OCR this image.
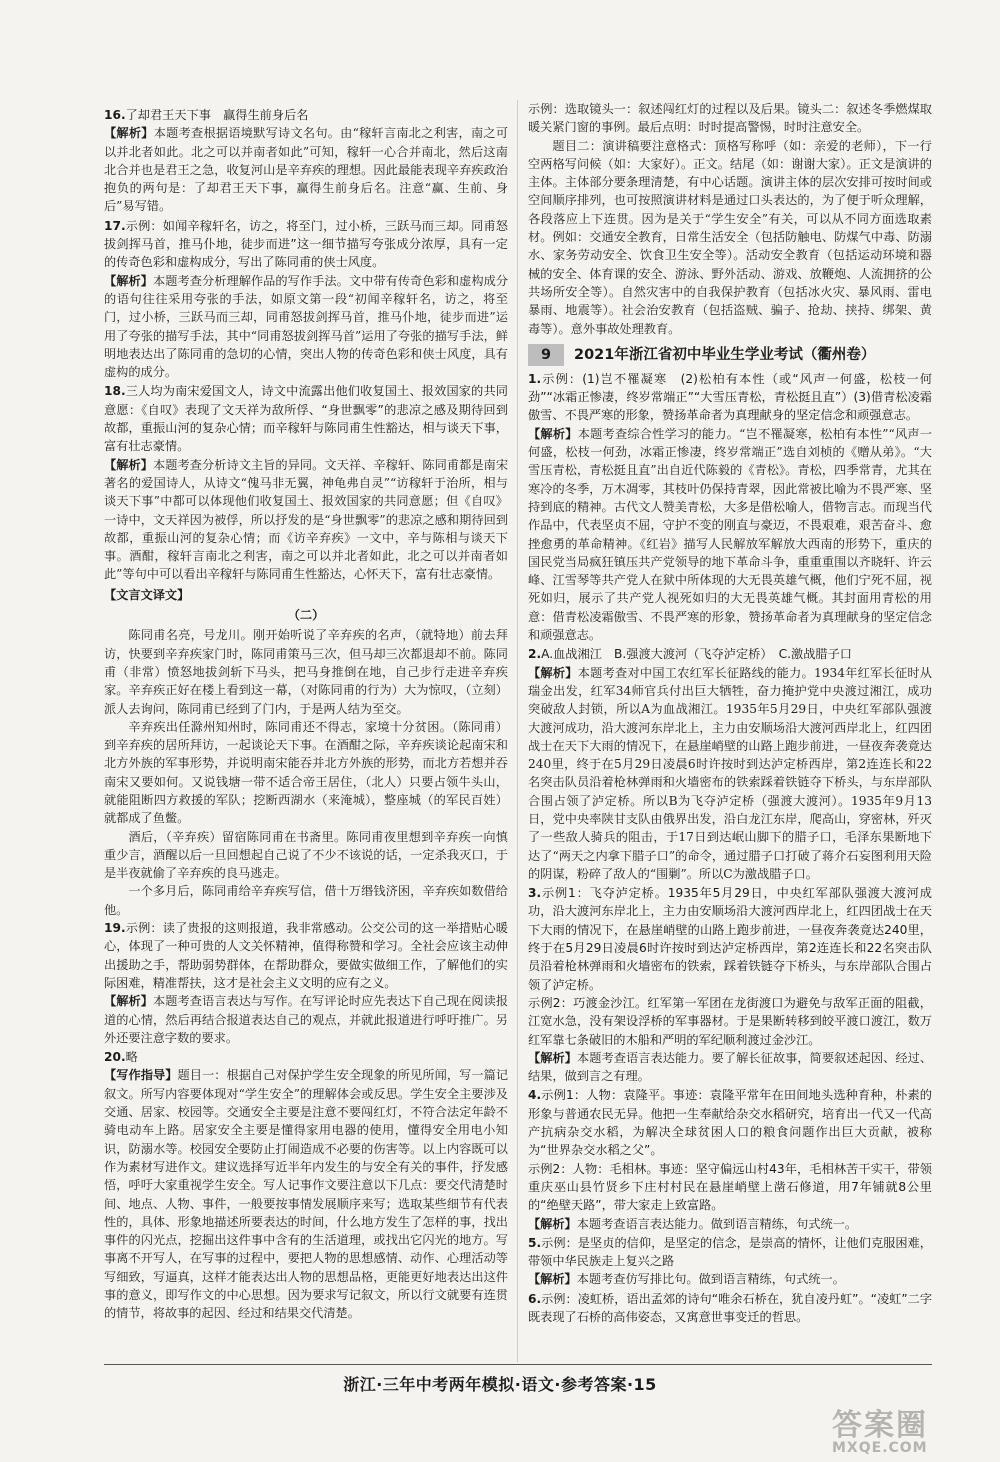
16.了却君王天下事　赢得生前身后名
【解析】本题考查根据语境默写诗文名句。由“稼轩言南北之利害，南之可以并北者如此。北之可以并南者如此”可知，稼轩一心合并南北，然后这南北合并也是君王之急，收复河山是辛弃疾的理想。因此最能表现辛弃疾政治抱负的两句是：了却君王天下事，赢得生前身后名。注意“赢、生前、身后”易写错。
17.示例：如闻辛稼轩名，访之，将至门，过小桥，三跃马而三却。同甫怒拔剑挥马首，推马仆地，徒步而进”这一细节描写夸张成分浓厚，具有一定的传奇色彩和虚构成分，写出了陈同甫的侠士风度。
【解析】本题考查分析理解作品的写作手法。文中带有传奇色彩和虚构成分的语句往往采用夸张的手法，如原文第一段“初闻辛稼轩名，访之，将至门，过小桥，三跃马而三却，同甫怒拔剑挥马首，推马仆地，徒步而进”运用了夸张的描写手法，其中“同甫怒拔剑挥马首”运用了夸张的描写手法，鲜明地表达出了陈同甫的急切的心情，突出人物的传奇色彩和侠士风度，具有虚构的成分。
18.三人均为南宋爱国文人，诗文中流露出他们收复国土、报效国家的共同意愿：《自叹》表现了文天祥为敌所俘、“身世飘零”的悲凉之感及期待回到故都，重振山河的复杂心情；而辛稼轩与陈同甫生性豁达，相与谈天下事，富有壮志豪情。
【解析】本题考查分析诗文主旨的异同。文天祥、辛稼轩、陈同甫都是南宋著名的爱国诗人，从诗文“傀马非无翼，神龟弗自灵”“访稼轩于治所，相与谈天下事”中都可以体现他们收复国土、报效国家的共同意愿；但《自叹》一诗中，文天祥因为被俘，所以抒发的是“身世飘零”的悲凉之感和期待回到故都，重振山河的复杂心情；而《访辛弃疾》一文中，辛与陈相与谈天下事。酒酣，稼轩言南北之利害，南之可以并北者如此，北之可以并南者如此”等句中可以看出辛稼轩与陈同甫生性豁达，心怀天下，富有壮志豪情。
【文言文译文】
（二）

陈同甫名亮，号龙川。刚开始听说了辛弃疾的名声，（就特地）前去拜访，快要到辛弃疾家门时，陈同甫策马三次，但马却三次都退却不前。陈同甫（非常）愤怒地拔剑斩下马头，把马身推倒在地，自己步行走进辛弃疾家。辛弃疾正好在楼上看到这一幕，（对陈同甫的行为）大为惊叹，（立刻）派人去询问，陈同甫已经到了门内，于是两人结为至交。

辛弃疾出任滁州知州时，陈同甫还不得志，家境十分贫困。（陈同甫）到辛弃疾的居所拜访，一起谈论天下事。在酒酣之际，辛弃疾谈论起南宋和北方外族的军事形势，并说明南宋能吞并北方外族的形势，而北方若想并吞南宋又要如何。又说钱塘一带不适合帝王居住，（北人）只要占领牛头山，就能阻断四方救援的军队；挖断西湖水（来淹城），整座城（的军民百姓）就都成了鱼鳖。

酒后，（辛弃疾）留宿陈同甫在书斋里。陈同甫夜里想到辛弃疾一向慎重少言，酒醒以后一旦回想起自己说了不少不该说的话，一定杀我灭口，于是半夜就偷了辛弃疾的良马逃走。

一个多月后，陈同甫给辛弃疾写信，借十万缗钱济困，辛弃疾如数借给他。

19.示例：读了贵报的这则报道，我非常感动。公交公司的这一举措贴心暖心，体现了一种可贵的人文关怀精神，值得称赞和学习。全社会应该主动伸出援助之手，帮助弱势群体，在帮助群众，要做实做细工作，了解他们的实际困难，精准帮扶，这才是社会主义文明的应有之义。
【解析】本题考查语言表达与写作。在写评论时应先表达下自己现在阅读报道的心情，然后再结合报道表达自己的观点，并就此报道进行呼吁推广。另外还要注意字数的要求。
20.略
【写作指导】题目一：根据自己对保护学生安全现象的所见所闻，写一篇记叙文。所写内容要体现对“学生安全”的理解体会或反思。学生安全主要涉及交通、居家、校园等。交通安全主要是注意不要闯红灯，不符合法定年龄不骑电动车上路。居家安全主要是懂得家用电器的使用，懂得安全用电小知识，防溺水等。校园安全要防止打闹造成不必要的伤害等。以上内容既可以作为素材写进作文。建议选择写近半年内发生的与安全有关的事件，抒发感悟，呼吁大家重视学生安全。写人记事作文要注意以下几点：要交代清楚时间、地点、人物、事件，一般要按事情发展顺序来写；选取某些细节有代表性的，具体、形象地描述所要表达的时间，什么地方发生了怎样的事，找出事件的闪光点，挖掘出这件事中含有的生活道理，或找出它闪光的地方。写事离不开写人，在写事的过程中，要把人物的思想感情、动作、心理活动等写细致，写逼真，这样才能表达出人物的思想品格，更能更好地表达出这件事的意义，即写作文的中心思想。因为要求写记叙文，所以行文就要有连贯的情节，将故事的起因、经过和结果交代清楚。

示例：选取镜头一：叙述闯红灯的过程以及后果。镜头二：叙述冬季燃煤取暖关紧门窗的事例。最后点明：时时提高警惕，时时注意安全。

题目二：演讲稿要注意格式：顶格写称呼（如：亲爱的老师），下一行空两格写问候（如：大家好）。正文。结尾（如：谢谢大家）。正文是演讲的主体。主体部分要条理清楚，有中心话题。演讲主体的层次安排可按时间或空间顺序排列，也可按照演讲材料是通过口头表达的，为了便于听众理解，各段落应上下连贯。因为是关于“学生安全”有关，可以从不同方面选取素材。例如：交通安全教育，日常生活安全（包括防触电、防煤气中毒、防溺水、家务劳动安全、饮食卫生安全等）。活动安全教育（包括运动环境和器械的安全、体育课的安全、游泳、野外活动、游戏、放鞭炮、人流拥挤的公共场所安全等）。自然灾害中的自我保护教育（包括冰火灾、暴风雨、雷电暴雨、地震等）。社会治安教育（包括盗贼、骗子、抢劫、挟持、绑架、黄毒等）。意外事故处理教育。

9	2021年浙江省初中毕业生学业考试（衢州卷）
1.示例：(1)岂不罹凝寒　(2)松柏有本性（或“风声一何盛，松枝一何劲”“冰霜正惨凄，终岁常端正”“大雪压青松，青松挺且直”）(3)借青松凌霜傲雪、不畏严寒的形象，赞扬革命者为真理献身的坚定信念和顽强意志。
【解析】本题考查综合性学习的能力。“岂不罹凝寒，松柏有本性”“风声一何盛，松枝一何劲，冰霜正惨凄，终岁常端正”选自刘桢的《赠从弟》。“大雪压青松，青松挺且直”出自近代陈毅的《青松》。青松，四季常青，尤其在寒冷的冬季，万木凋零，其枝叶仍保持青翠，因此常被比喻为不畏严寒、坚持到底的精神。古代文人赞美青松，大多是借松喻人，借物言志。而现当代作品中，代表坚贞不屈，守护不变的刚直与豪迈，不畏艰难，艰苦奋斗、愈挫愈勇的革命精神。《红岩》描写人民解放军解放大西南的形势下，重庆的国民党当局疯狂镇压共产党领导的地下革命斗争，重重重围以齐晓轩、许云峰、江雪琴等共产党人在狱中所体现的大无畏英雄气概，他们宁死不屈，视死如归，展示了共产党人视死如归的大无畏英雄气概。其封面用青松的用意：借青松凌霜傲雪、不畏严寒的形象，赞扬革命者为真理献身的坚定信念和顽强意志。
2.A.血战湘江　B.强渡大渡河（飞夺泸定桥）　C.激战腊子口
【解析】本题考查对中国工农红军长征路线的能力。1934年红军长征时从瑞金出发，红军34师官兵付出巨大牺牲，奋力掩护党中央渡过湘江，成功突破敌人封锁，所以A为血战湘江。1935年5月29日，中央红军部队强渡大渡河成功，沿大渡河东岸北上，主力由安顺场沿大渡河西岸北上，红四团战士在天下大雨的情况下，在悬崖峭壁的山路上跑步前进，一昼夜奔袭竟达240里，终于在5月29日凌晨6时许按时到达泸定桥西岸，第2连连长和22名突击队员沿着枪林弹雨和火墙密布的铁索踩着铁链夺下桥头，与东岸部队合围占领了泸定桥。所以B为飞夺泸定桥（强渡大渡河）。1935年9月13日，党中央率陕甘支队由俄界出发，沿白龙江东岸，爬高山，穿密林，歼灭了一些敌人骑兵的阻击，于17日到达岷山脚下的腊子口，毛泽东果断地下达了“两天之内拿下腊子口”的命令，通过腊子口打破了蒋介石妄图利用天险的阴谋，粉碎了敌人的“围剿”。所以C为激战腊子口。
3.示例1：飞夺泸定桥。1935年5月29日，中央红军部队强渡大渡河成功，沿大渡河东岸北上，主力由安顺场沿大渡河西岸北上，红四团战士在天下大雨的情况下，在悬崖峭壁的山路上跑步前进，一昼夜奔袭竟达240里，终于在5月29日凌晨6时许按时到达泸定桥西岸，第2连连长和22名突击队员沿着枪林弹雨和火墙密布的铁索，踩着铁链夺下桥头，与东岸部队合围占领了泸定桥。
示例2：巧渡金沙江。红军第一军团在龙街渡口为避免与敌军正面的阻截，江宽水急，没有架设浮桥的军事器材。于是果断转移到皎平渡口渡江，数万红军靠七条破旧的木船和严明的军纪顺利渡过金沙江。
【解析】本题考查语言表达能力。要了解长征故事，简要叙述起因、经过、结果，做到言之有理。
4.示例1：人物：袁隆平。事迹：袁隆平常年在田间地头选种育种，朴素的形象与普通农民无异。他把一生奉献给杂交水稻研究，培育出一代又一代高产抗病杂交水稻，为解决全球贫困人口的粮食问题作出巨大贡献，被称为“世界杂交水稻之父”。
示例2：人物：毛相林。事迹：坚守偏远山村43年，毛相林苦干实干，带领重庆巫山县竹贤乡下庄村村民在悬崖峭壁上凿石修道，用7年铺就8公里的“绝壁天路”，带大家走上致富路。
【解析】本题考查语言表达能力。做到语言精练，句式统一。
5.示例：是坚贞的信仰，是坚定的信念，是崇高的情怀，让他们克服困难，带领中华民族走上复兴之路
【解析】本题考查仿写排比句。做到语言精练，句式统一。
6.示例：凌虹桥，语出孟郊的诗句“唯余石桥在，犹自凌丹虹”。“凌虹”二字既表现了石桥的高伟姿态，又寓意世事变迁的哲思。
浙江·三年中考两年模拟·语文·参考答案·15
答案圈
MXQE.COM
